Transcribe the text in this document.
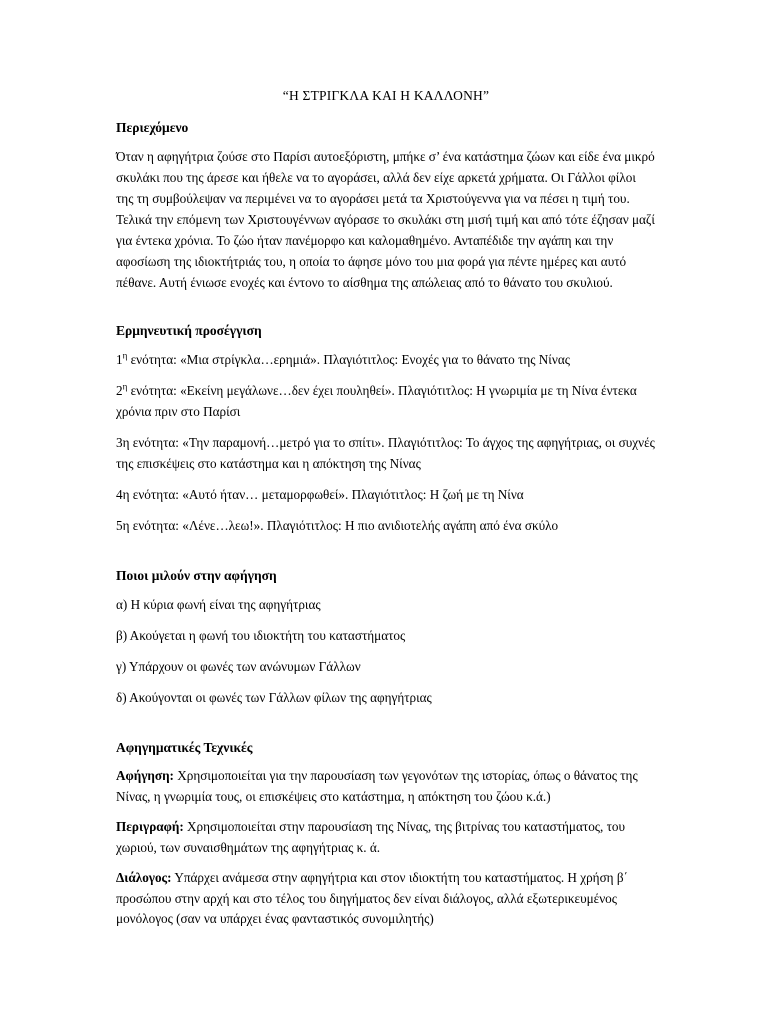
“Η ΣΤΡΙΓΚΛΑ ΚΑΙ Η ΚΑΛΛΟΝΗ”
Περιεχόμενο

Όταν η αφηγήτρια ζούσε στο Παρίσι αυτοεξόριστη, μπήκε σ’ ένα κατάστημα ζώων και είδε ένα μικρό σκυλάκι που της άρεσε και ήθελε να το αγοράσει, αλλά δεν είχε αρκετά χρήματα. Οι Γάλλοι φίλοι της τη συμβούλεψαν να περιμένει να το αγοράσει μετά τα Χριστούγεννα για να πέσει η τιμή του. Τελικά την επόμενη των Χριστουγέννων αγόρασε το σκυλάκι στη μισή τιμή και από τότε έζησαν μαζί για έντεκα χρόνια. Το ζώο ήταν πανέμορφο και καλομαθημένο. Ανταπέδιδε την αγάπη και την αφοσίωση της ιδιοκτήτριάς του, η οποία το άφησε μόνο του μια φορά για πέντε ημέρες και αυτό πέθανε. Αυτή ένιωσε ενοχές και έντονο το αίσθημα της απώλειας από το θάνατο του σκυλιού.

Ερμηνευτική προσέγγιση

$1^\eta$ ενότητα: «Μια στρίγκλα…ερημιά». Πλαγιότιτλος: Ενοχές για το θάνατο της Νίνας

$2^\eta$ ενότητα: «Εκείνη μεγάλωνε…δεν έχει πουληθεί». Πλαγιότιτλος: Η γνωριμία με τη Νίνα έντεκα χρόνια πριν στο Παρίσι

3η ενότητα: «Την παραμονή…μετρό για το σπίτι». Πλαγιότιτλος: Το άγχος της αφηγήτριας, οι συχνές της επισκέψεις στο κατάστημα και η απόκτηση της Νίνας

4η ενότητα: «Αυτό ήταν… μεταμορφωθεί». Πλαγιότιτλος: Η ζωή με τη Νίνα

5η ενότητα: «Λένε…λεω!». Πλαγιότιτλος: Η πιο ανιδιοτελής αγάπη από ένα σκύλο

Ποιοι μιλούν στην αφήγηση

α) Η κύρια φωνή είναι της αφηγήτριας

β) Ακούγεται η φωνή του ιδιοκτήτη του καταστήματος

γ) Υπάρχουν οι φωνές των ανώνυμων Γάλλων

δ) Ακούγονται οι φωνές των Γάλλων φίλων της αφηγήτριας

Αφηγηματικές Τεχνικές

Αφήγηση: Χρησιμοποιείται για την παρουσίαση των γεγονότων της ιστορίας, όπως ο θάνατος της Νίνας, η γνωριμία τους, οι επισκέψεις στο κατάστημα, η απόκτηση του ζώου κ.ά.)

Περιγραφή: Χρησιμοποιείται στην παρουσίαση της Νίνας, της βιτρίνας του καταστήματος, του χωριού, των συναισθημάτων της αφηγήτριας κ. ά.

Διάλογος: Υπάρχει ανάμεσα στην αφηγήτρια και στον ιδιοκτήτη του καταστήματος. Η χρήση β΄ προσώπου στην αρχή και στο τέλος του διηγήματος δεν είναι διάλογος, αλλά εξωτερικευμένος μονόλογος (σαν να υπάρχει ένας φανταστικός συνομιλητής)
